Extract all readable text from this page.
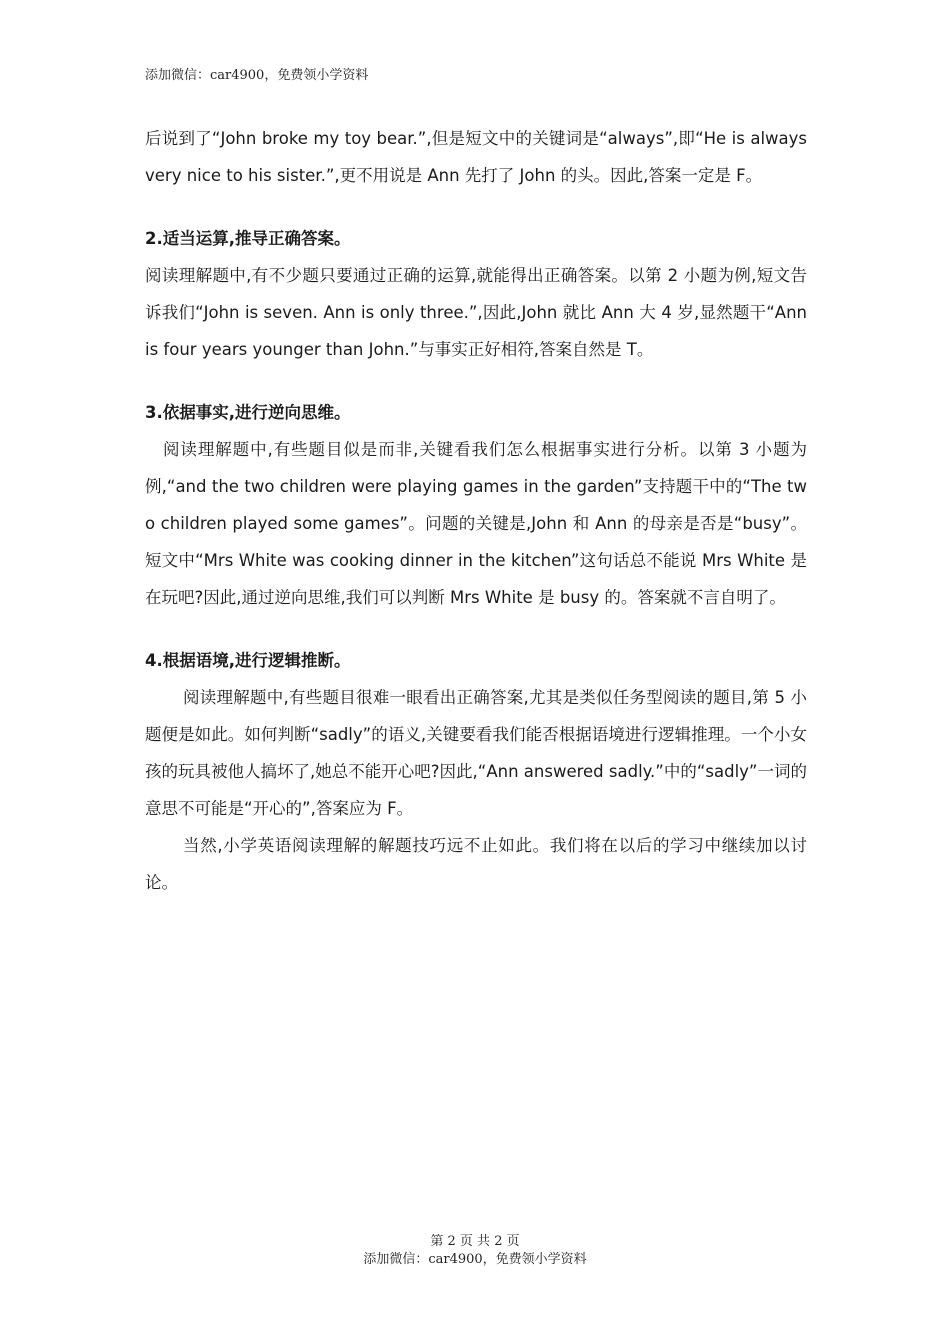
添加微信：car4900，免费领小学资料

后说到了“John broke my toy bear.”,但是短文中的关键词是“always”,即“He is always very nice to his sister.”,更不用说是 Ann 先打了 John 的头。因此,答案一定是 F。

2.适当运算,推导正确答案。

阅读理解题中,有不少题只要通过正确的运算,就能得出正确答案。以第 2 小题为例,短文告诉我们“John is seven. Ann is only three.”,因此,John 就比 Ann 大 4 岁,显然题干“Ann is four years younger than John.”与事实正好相符,答案自然是 T。

3.依据事实,进行逆向思维。

阅读理解题中,有些题目似是而非,关键看我们怎么根据事实进行分析。以第 3 小题为例,“and the two children were playing games in the garden”支持题干中的“The two children played some games”。问题的关键是,John 和 Ann 的母亲是否是“busy”。短文中“Mrs White was cooking dinner in the kitchen”这句话总不能说 Mrs White 是在玩吧?因此,通过逆向思维,我们可以判断 Mrs White 是 busy 的。答案就不言自明了。

4.根据语境,进行逻辑推断。

阅读理解题中,有些题目很难一眼看出正确答案,尤其是类似任务型阅读的题目,第 5 小题便是如此。如何判断“sadly”的语义,关键要看我们能否根据语境进行逻辑推理。一个小女孩的玩具被他人搞坏了,她总不能开心吧?因此,“Ann answered sadly.”中的“sadly”一词的意思不可能是“开心的”,答案应为 F。

当然,小学英语阅读理解的解题技巧远不止如此。我们将在以后的学习中继续加以讨论。

第 2 页 共 2 页
添加微信：car4900，免费领小学资料
